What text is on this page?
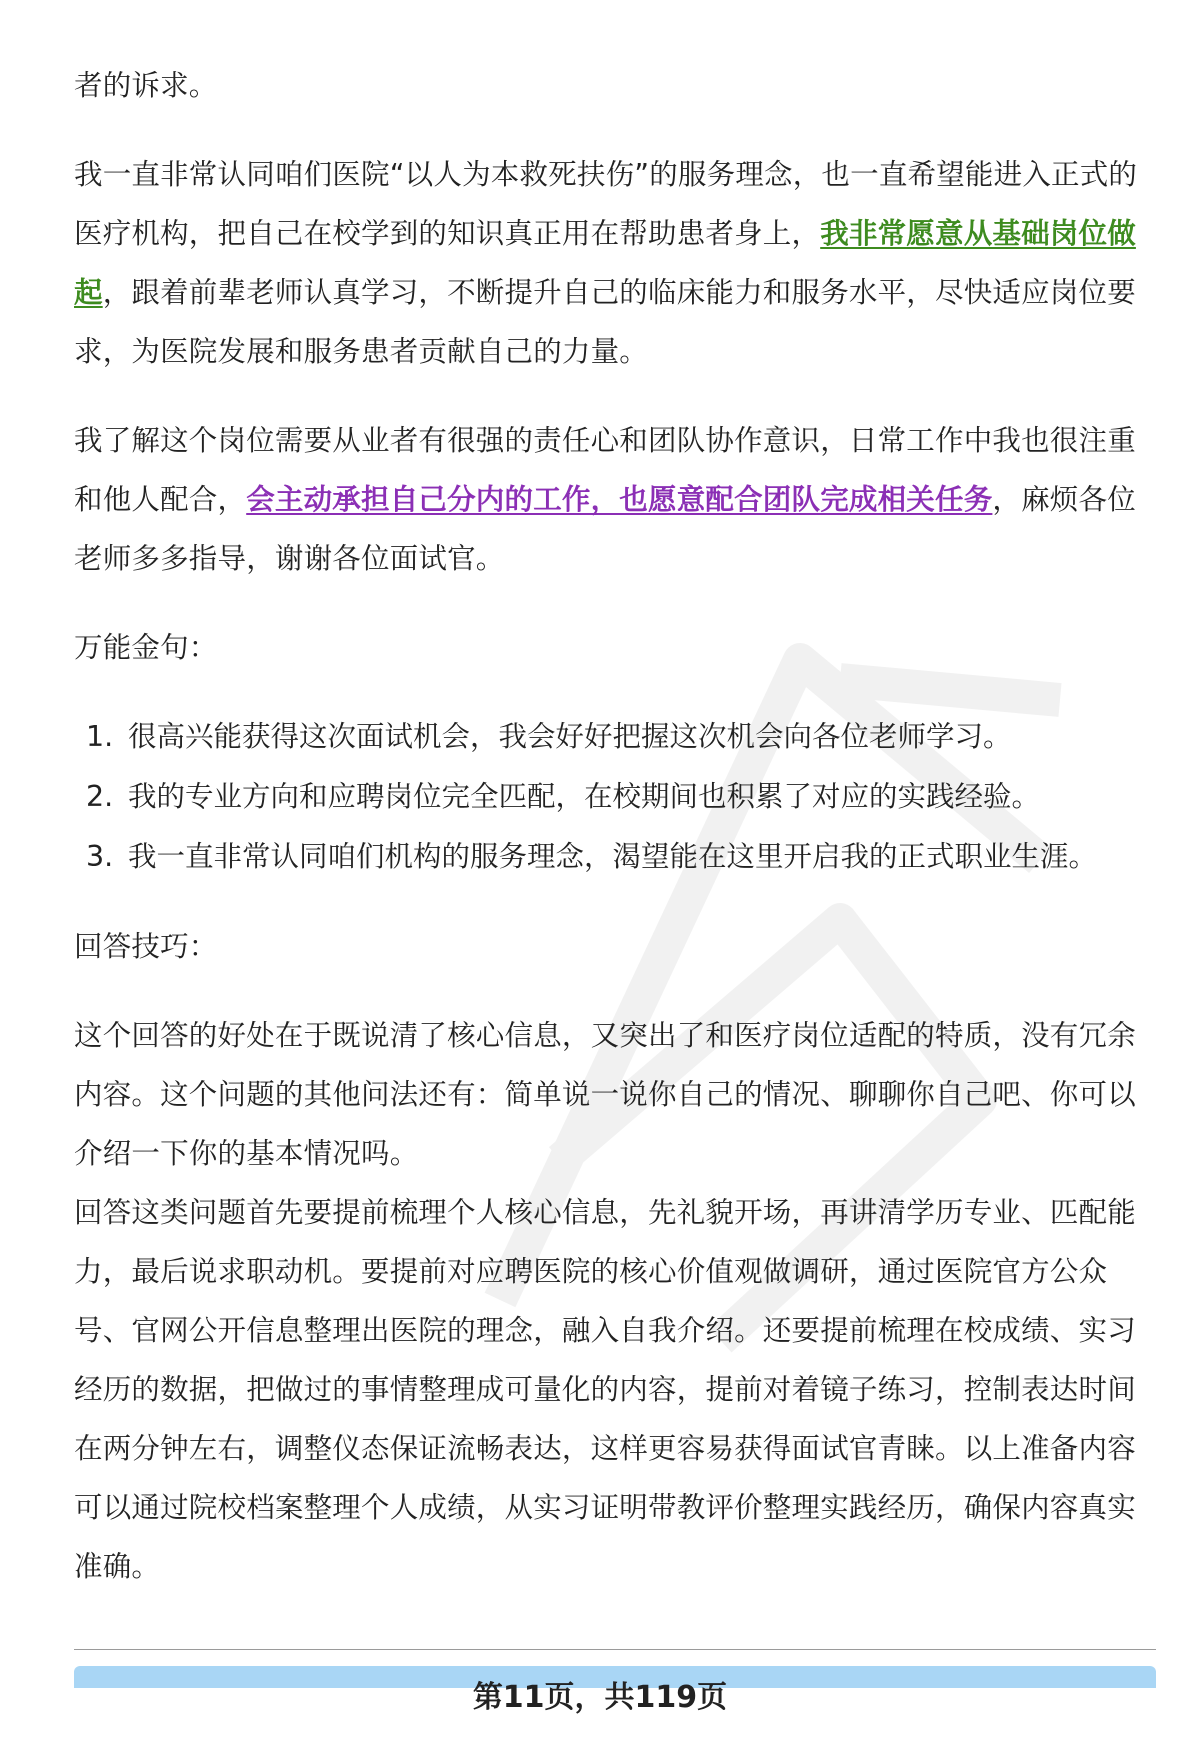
者的诉求。

我一直非常认同咱们医院“以人为本救死扶伤”的服务理念，也一直希望能进入正式的医疗机构，把自己在校学到的知识真正用在帮助患者身上，我非常愿意从基础岗位做起，跟着前辈老师认真学习，不断提升自己的临床能力和服务水平，尽快适应岗位要求，为医院发展和服务患者贡献自己的力量。

我了解这个岗位需要从业者有很强的责任心和团队协作意识，日常工作中我也很注重和他人配合，会主动承担自己分内的工作，也愿意配合团队完成相关任务，麻烦各位老师多多指导，谢谢各位面试官。

万能金句：

1. 很高兴能获得这次面试机会，我会好好把握这次机会向各位老师学习。
2. 我的专业方向和应聘岗位完全匹配，在校期间也积累了对应的实践经验。
3. 我一直非常认同咱们机构的服务理念，渴望能在这里开启我的正式职业生涯。

回答技巧：

这个回答的好处在于既说清了核心信息，又突出了和医疗岗位适配的特质，没有冗余内容。这个问题的其他问法还有：简单说一说你自己的情况、聊聊你自己吧、你可以介绍一下你的基本情况吗。

回答这类问题首先要提前梳理个人核心信息，先礼貌开场，再讲清学历专业、匹配能力，最后说求职动机。要提前对应聘医院的核心价值观做调研，通过医院官方公众号、官网公开信息整理出医院的理念，融入自我介绍。还要提前梳理在校成绩、实习经历的数据，把做过的事情整理成可量化的内容，提前对着镜子练习，控制表达时间在两分钟左右，调整仪态保证流畅表达，这样更容易获得面试官青睐。以上准备内容可以通过院校档案整理个人成绩，从实习证明带教评价整理实践经历，确保内容真实准确。

第11页，共119页
